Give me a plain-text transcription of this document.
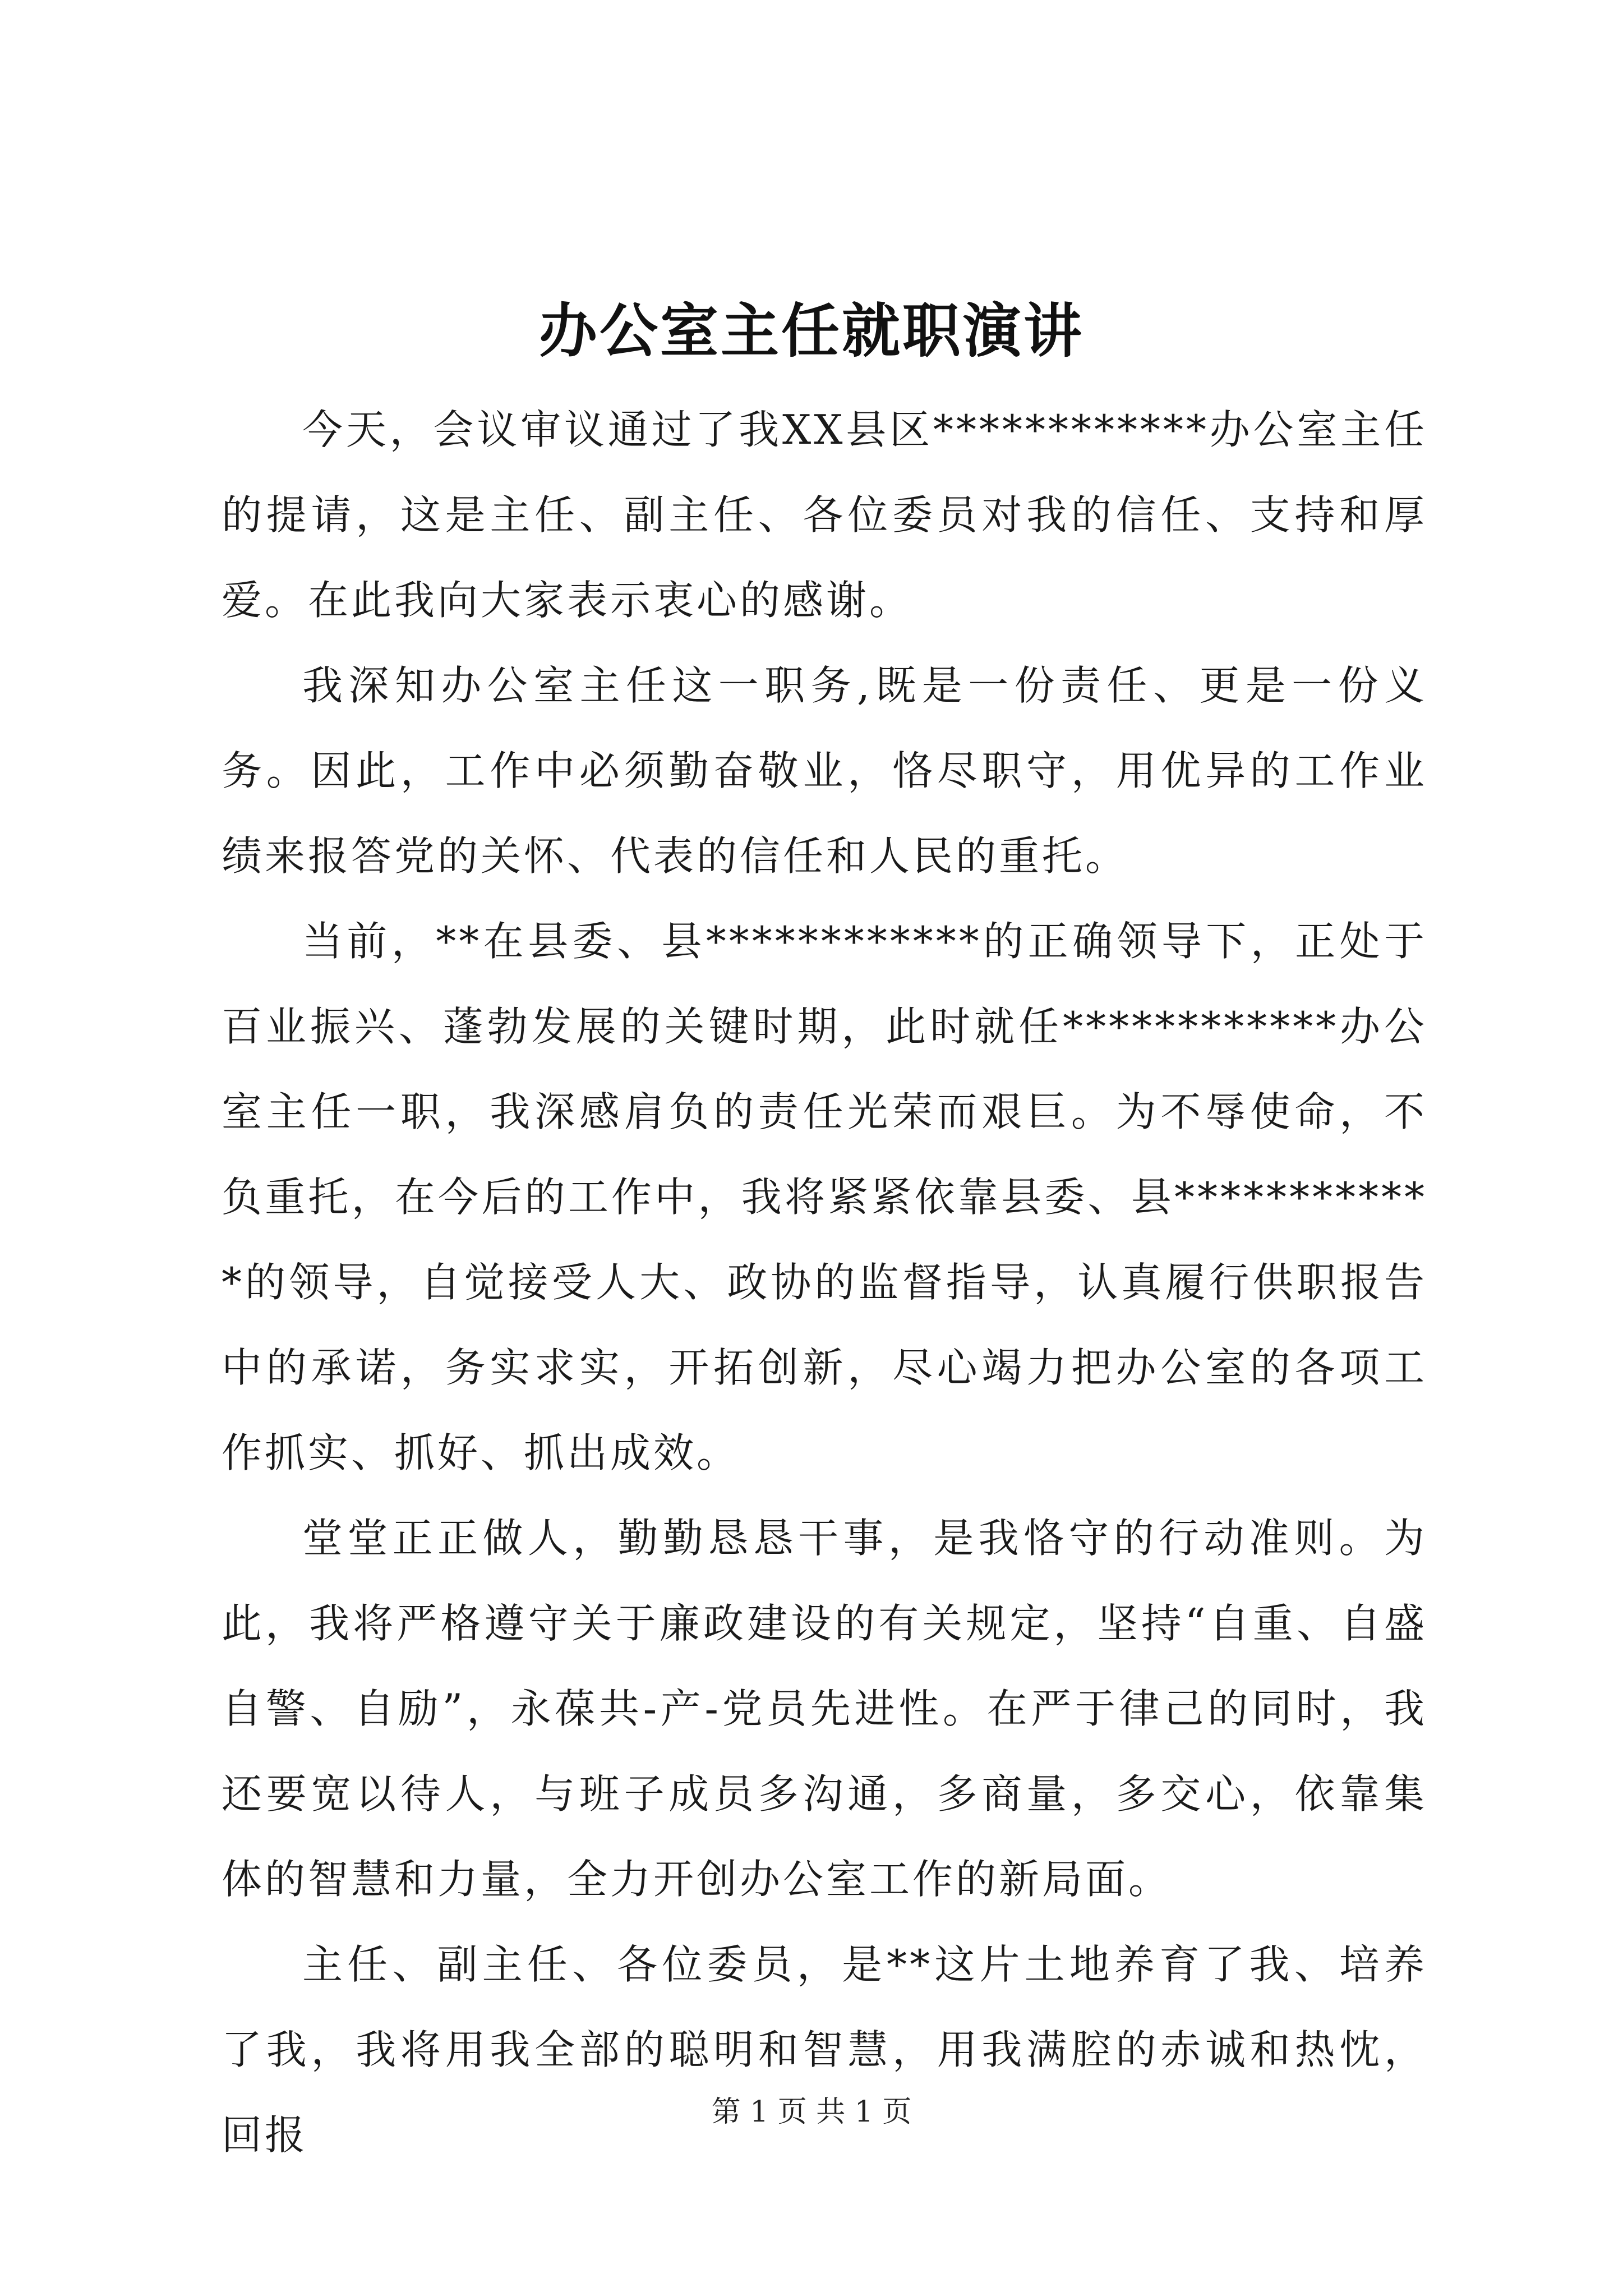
办公室主任就职演讲

今天，会议审议通过了我XX县区************办公室主任的提请，这是主任、副主任、各位委员对我的信任、支持和厚爱。在此我向大家表示衷心的感谢。

我深知办公室主任这一职务,既是一份责任、更是一份义务。因此，工作中必须勤奋敬业，恪尽职守，用优异的工作业绩来报答党的关怀、代表的信任和人民的重托。

当前，**在县委、县************的正确领导下，正处于百业振兴、蓬勃发展的关键时期，此时就任************办公室主任一职，我深感肩负的责任光荣而艰巨。为不辱使命，不负重托，在今后的工作中，我将紧紧依靠县委、县************的领导，自觉接受人大、政协的监督指导，认真履行供职报告中的承诺，务实求实，开拓创新，尽心竭力把办公室的各项工作抓实、抓好、抓出成效。

堂堂正正做人，勤勤恳恳干事，是我恪守的行动准则。为此，我将严格遵守关于廉政建设的有关规定，坚持“自重、自盛自警、自励”，永葆共-产-党员先进性。在严于律己的同时，我还要宽以待人，与班子成员多沟通，多商量，多交心，依靠集体的智慧和力量，全力开创办公室工作的新局面。

主任、副主任、各位委员，是**这片土地养育了我、培养了我，我将用我全部的聪明和智慧，用我满腔的赤诚和热忱，回报	第 1 页 共 1 页
